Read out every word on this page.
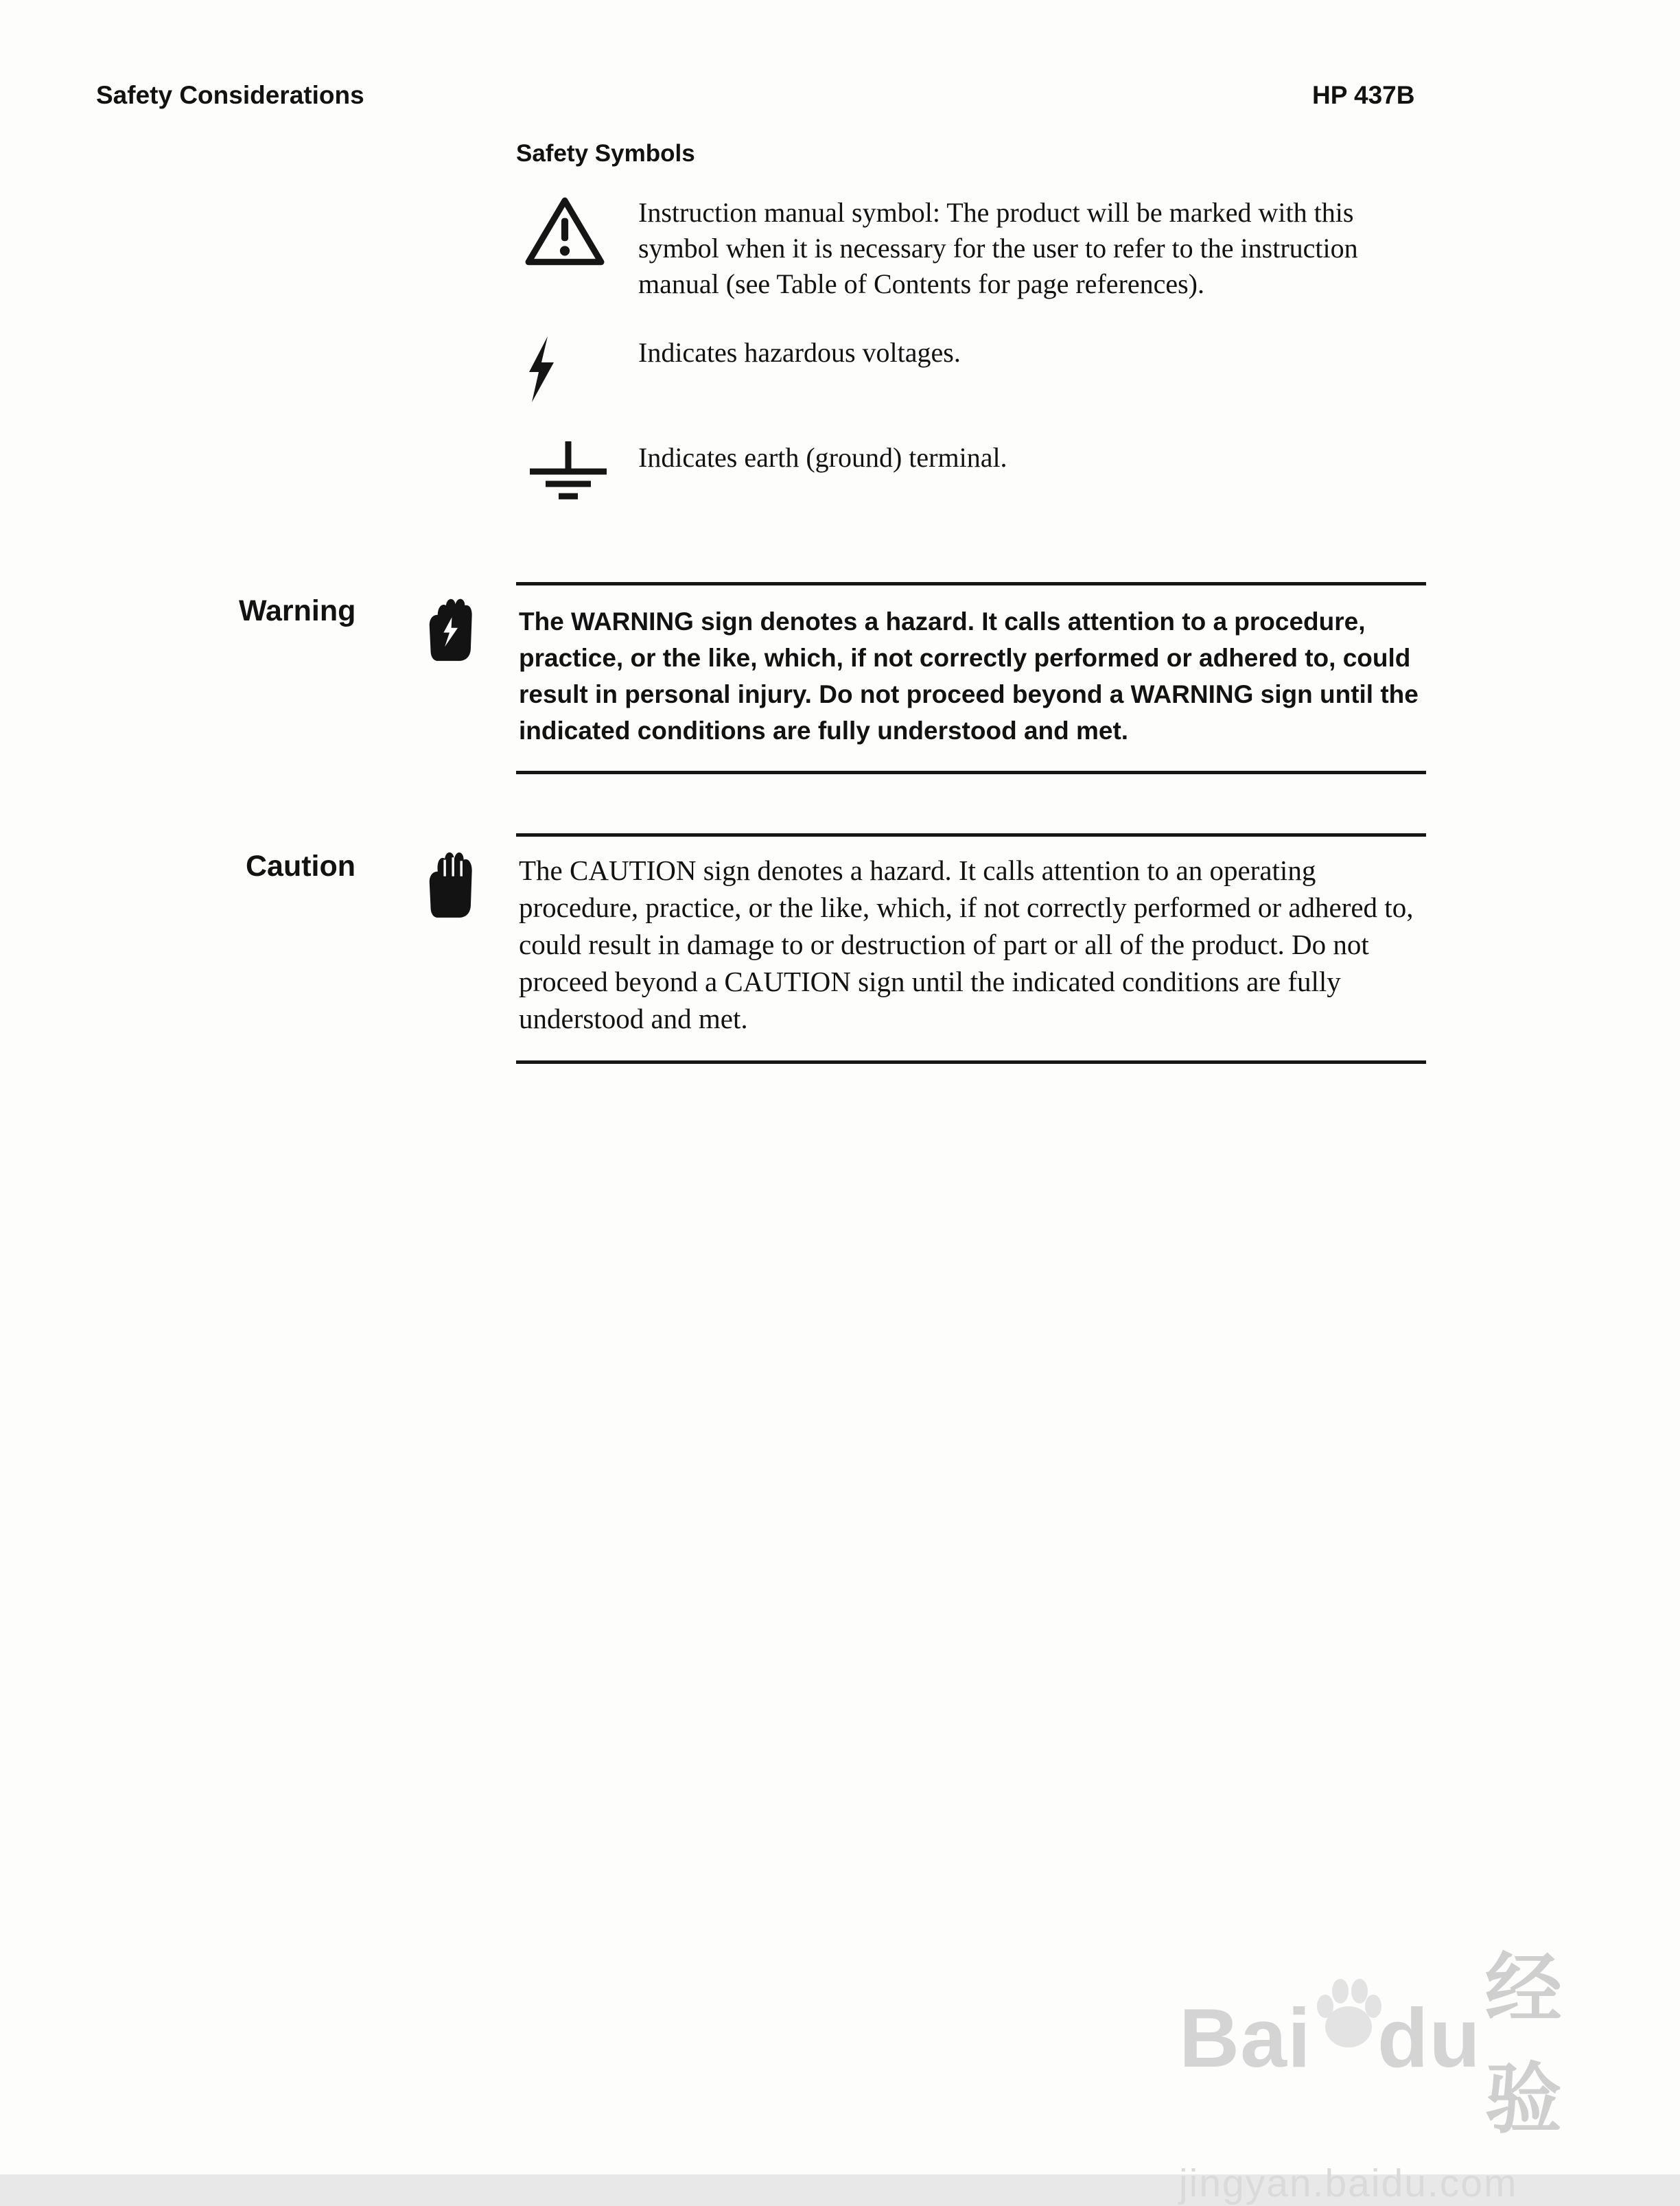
Safety Considerations	HP 437B
Safety Symbols

Instruction manual symbol: The product will be marked with this symbol when it is necessary for the user to refer to the instruction manual (see Table of Contents for page references).

Indicates hazardous voltages.

Indicates earth (ground) terminal.

Warning	The WARNING sign denotes a hazard. It calls attention to a procedure, practice, or the like, which, if not correctly performed or adhered to, could result in personal injury. Do not proceed beyond a WARNING sign until the indicated conditions are fully understood and met.

Caution	The CAUTION sign denotes a hazard. It calls attention to an operating procedure, practice, or the like, which, if not correctly performed or adhered to, could result in damage to or destruction of part or all of the product. Do not proceed beyond a CAUTION sign until the indicated conditions are fully understood and met.

Bai du
经验
jingyan.baidu.com
